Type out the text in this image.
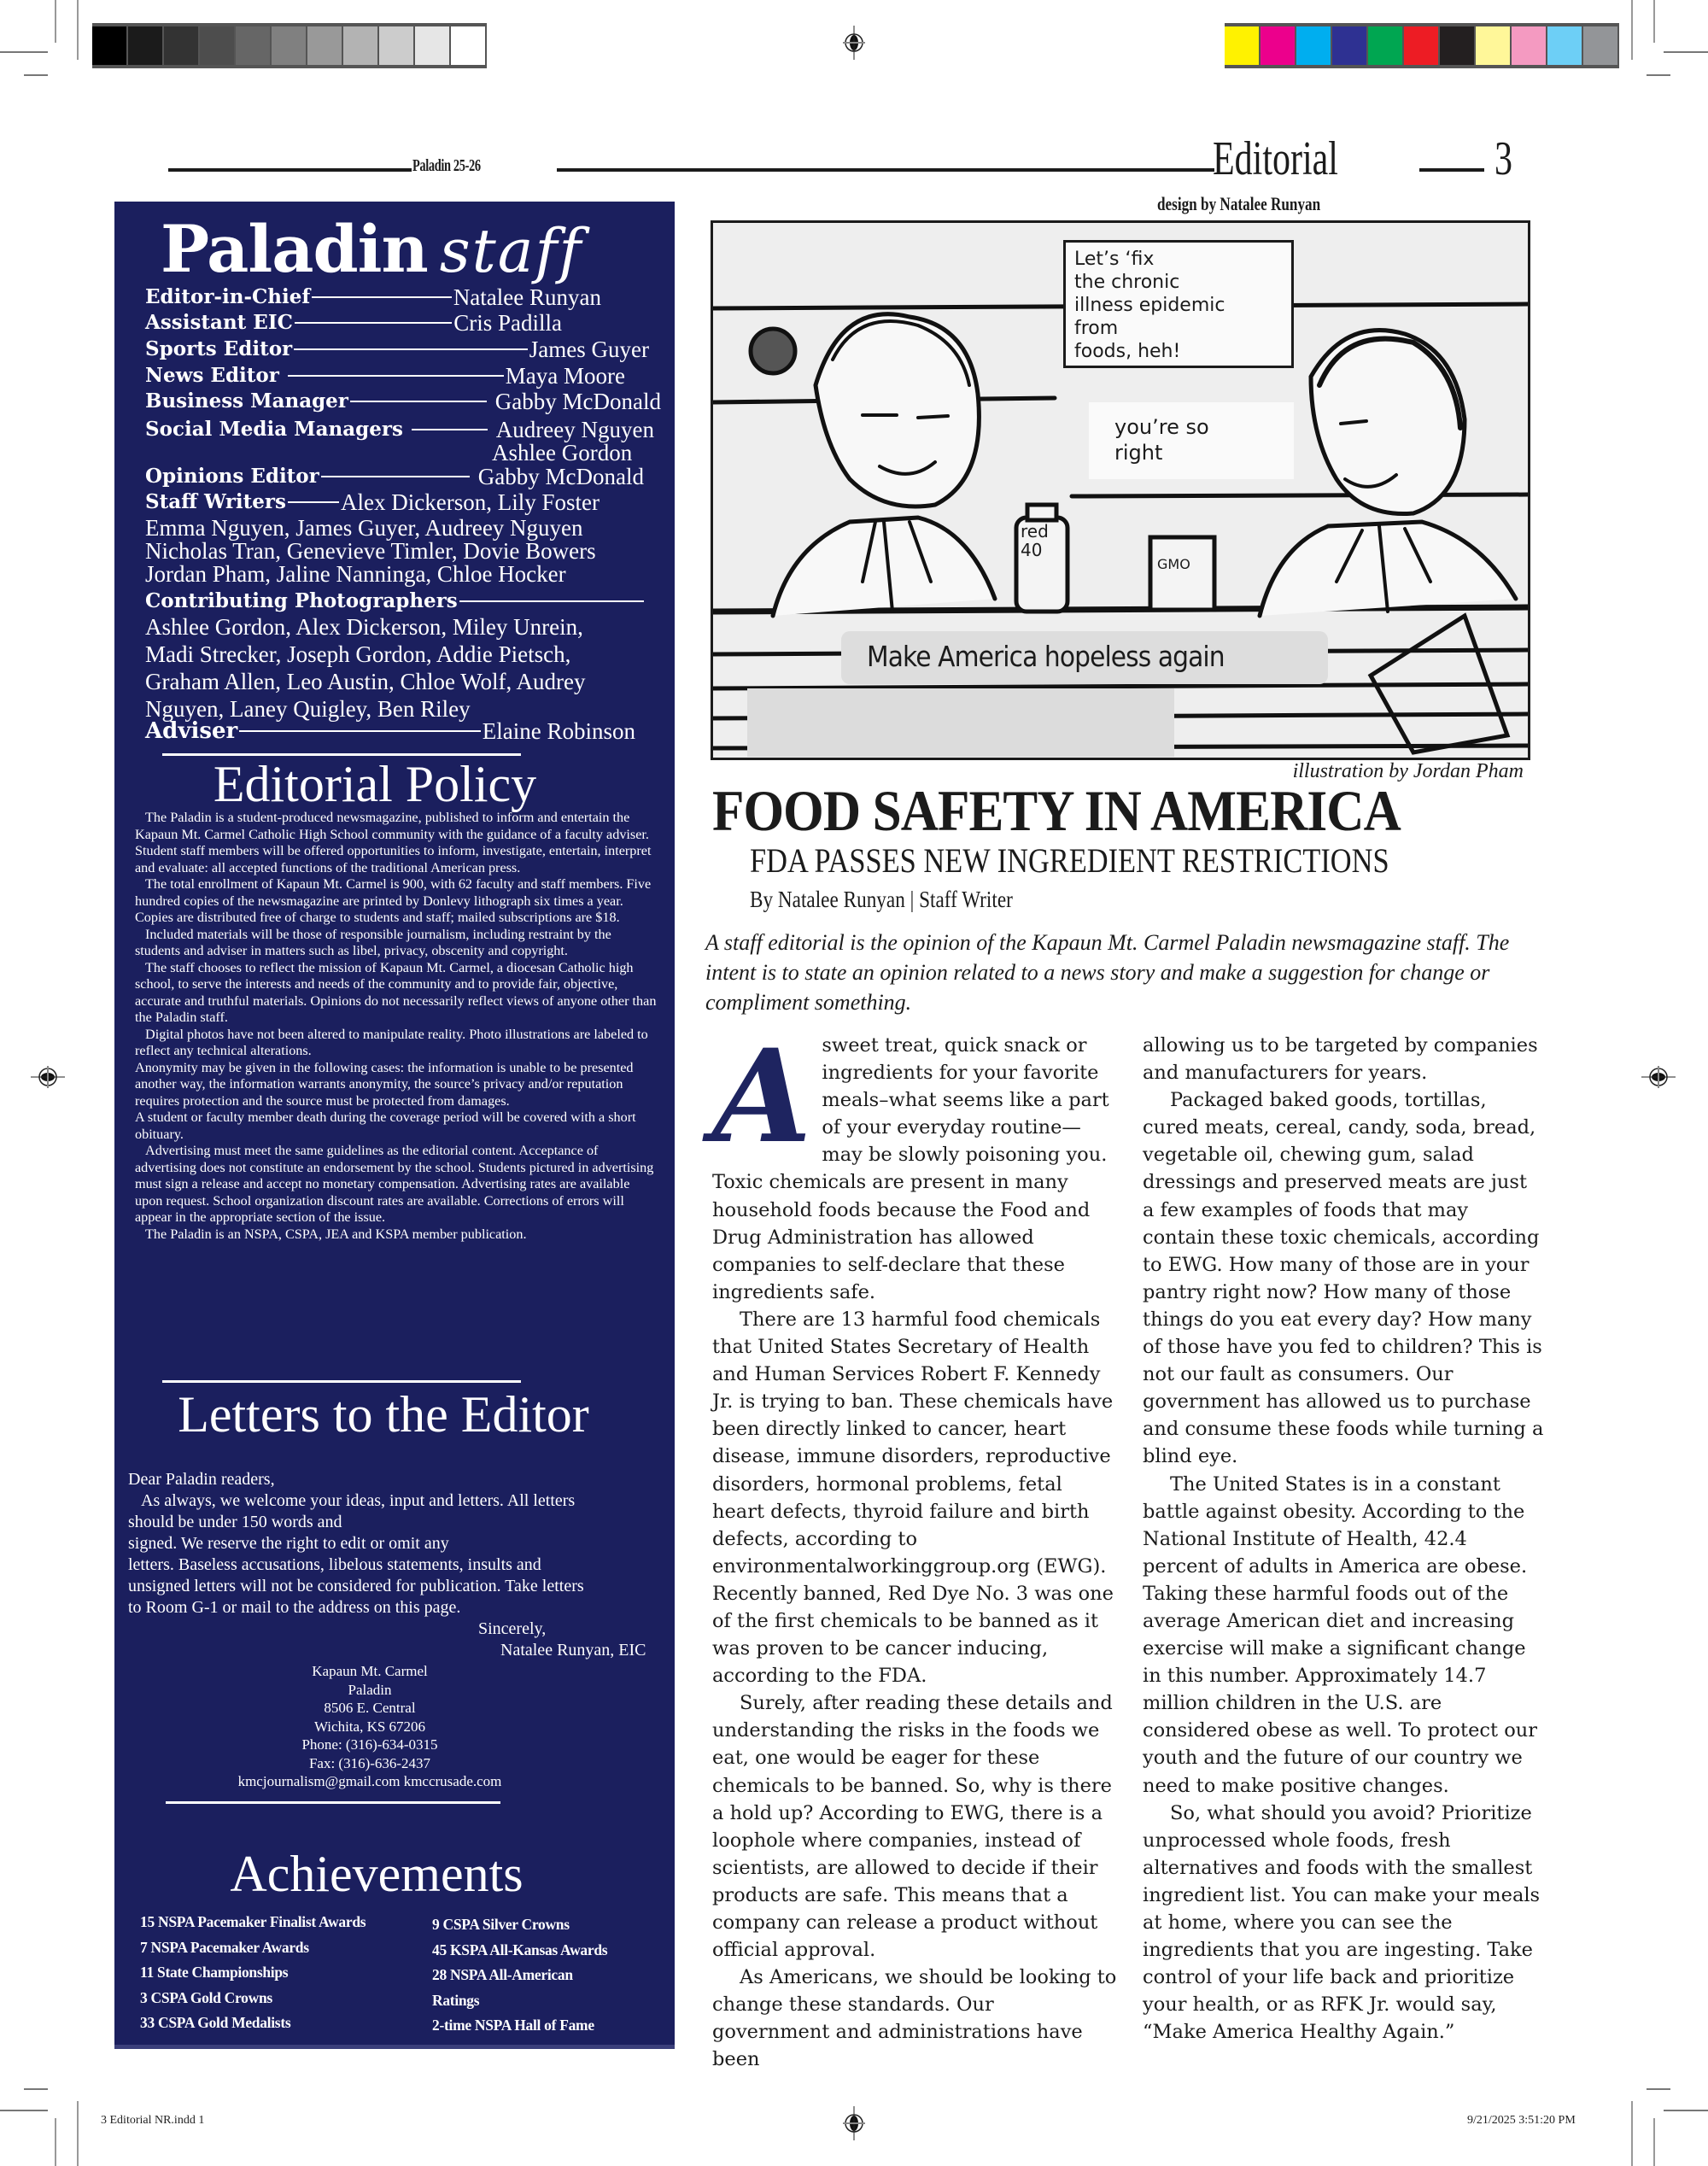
3 Editorial NR.indd 1	9/21/2025 3:51:20 PM
Paladin 25-26	Editorial	3
design by Natalee Runyan
Paladin staff
Editor-in-Chief	Natalee Runyan
Assistant EIC	Cris Padilla
Sports Editor	James Guyer
News Editor	Maya Moore
Business Manager	Gabby McDonald
Social Media Managers	Audreey Nguyen
Ashlee Gordon
Opinions Editor	Gabby McDonald
Staff Writers Alex Dickerson, Lily Foster
Emma Nguyen, James Guyer, Audreey Nguyen
Nicholas Tran, Genevieve Timler, Dovie Bowers
Jordan Pham, Jaline Nanninga, Chloe Hocker
Contributing Photographers
Ashlee Gordon, Alex Dickerson, Miley Unrein,
Madi Strecker, Joseph Gordon, Addie Pietsch,
Graham Allen, Leo Austin, Chloe Wolf, Audrey
Nguyen, Laney Quigley, Ben Riley
Adviser	Elaine Robinson
Editorial Policy

The Paladin is a student-produced newsmagazine, published to inform and entertain the Kapaun Mt. Carmel Catholic High School community with the guidance of a faculty adviser. Student staff members will be offered opportunities to inform, investigate, entertain, interpret and evaluate: all accepted functions of the traditional American press.

The total enrollment of Kapaun Mt. Carmel is 900, with 62 faculty and staff members. Five hundred copies of the newsmagazine are printed by Donlevy lithograph six times a year. Copies are distributed free of charge to students and staff; mailed subscriptions are $18.

Included materials will be those of responsible journalism, including restraint by the students and adviser in matters such as libel, privacy, obscenity and copyright.

The staff chooses to reflect the mission of Kapaun Mt. Carmel, a diocesan Catholic high school, to serve the interests and needs of the community and to provide fair, objective, accurate and truthful materials. Opinions do not necessarily reflect views of anyone other than the Paladin staff.

Digital photos have not been altered to manipulate reality. Photo illustrations are labeled to reflect any technical alterations.

Anonymity may be given in the following cases: the information is unable to be presented another way, the information warrants anonymity, the source’s privacy and/or reputation requires protection and the source must be protected from damages.

A student or faculty member death during the coverage period will be covered with a short obituary.

Advertising must meet the same guidelines as the editorial content. Acceptance of advertising does not constitute an endorsement by the school. Students pictured in advertising must sign a release and accept no monetary compensation. Advertising rates are available upon request. School organization discount rates are available. Corrections of errors will appear in the appropriate section of the issue.

The Paladin is an NSPA, CSPA, JEA and KSPA member publication.

Letters to the Editor

Dear Paladin readers,

As always, we welcome your ideas, input and letters. All letters

should be under 150 words and

signed. We reserve the right to edit or omit any

letters. Baseless accusations, libelous statements, insults and

unsigned letters will not be considered for publication. Take letters

to Room G-1 or mail to the address on this page.

Sincerely,

Natalee Runyan, EIC

Kapaun Mt. Carmel
Paladin
8506 E. Central
Wichita, KS 67206
Phone: (316)-634-0315
Fax: (316)-636-2437
kmcjournalism@gmail.com kmccrusade.com
Achievements
15 NSPA Pacemaker Finalist Awards
7 NSPA Pacemaker Awards
11 State Championships
3 CSPA Gold Crowns
33 CSPA Gold Medalists
9 CSPA Silver Crowns
45 KSPA All-Kansas Awards
28 NSPA All-American
Ratings
2-time NSPA Hall of Fame
Let’s ‘fix
the chronic
illness epidemic
from
foods, heh!
you’re so
right
red
40
GMO
Make America hopeless again
illustration by Jordan Pham
FOOD SAFETY IN AMERICA
FDA PASSES NEW INGREDIENT RESTRICTIONS
By Natalee Runyan | Staff Writer
A staff editorial is the opinion of the Kapaun Mt. Carmel Paladin newsmagazine staff. The intent is to state an opinion related to a news story and make a suggestion for change or compliment something.
A sweet treat, quick snack or ingredients for your favorite meals–what seems like a part of your everyday routine—may be slowly poisoning you. Toxic chemicals are present in many household foods because the Food and Drug Administration has allowed companies to self-declare that these ingredients safe.

There are 13 harmful food chemicals that United States Secretary of Health and Human Services Robert F. Kennedy Jr. is trying to ban. These chemicals have been directly linked to cancer, heart disease, immune disorders, reproductive disorders, hormonal problems, fetal heart defects, thyroid failure and birth defects, according to environmentalworkinggroup.org (EWG). Recently banned, Red Dye No. 3 was one of the first chemicals to be banned as it was proven to be cancer inducing, according to the FDA.

Surely, after reading these details and understanding the risks in the foods we eat, one would be eager for these chemicals to be banned. So, why is there a hold up? According to EWG, there is a loophole where companies, instead of scientists, are allowed to decide if their products are safe. This means that a company can release a product without official approval.

As Americans, we should be looking to change these standards. Our government and administrations have been

allowing us to be targeted by companies and manufacturers for years.

Packaged baked goods, tortillas, cured meats, cereal, candy, soda, bread, vegetable oil, chewing gum, salad dressings and preserved meats are just a few examples of foods that may contain these toxic chemicals, according to EWG. How many of those are in your pantry right now? How many of those things do you eat every day? How many of those have you fed to children? This is not our fault as consumers. Our government has allowed us to purchase and consume these foods while turning a blind eye.

The United States is in a constant battle against obesity. According to the National Institute of Health, 42.4 percent of adults in America are obese. Taking these harmful foods out of the average American diet and increasing exercise will make a significant change in this number. Approximately 14.7 million children in the U.S. are considered obese as well. To protect our youth and the future of our country we need to make positive changes.

So, what should you avoid? Prioritize unprocessed whole foods, fresh alternatives and foods with the smallest ingredient list. You can make your meals at home, where you can see the ingredients that you are ingesting. Take control of your life back and prioritize your health, or as RFK Jr. would say, “Make America Healthy Again.”
